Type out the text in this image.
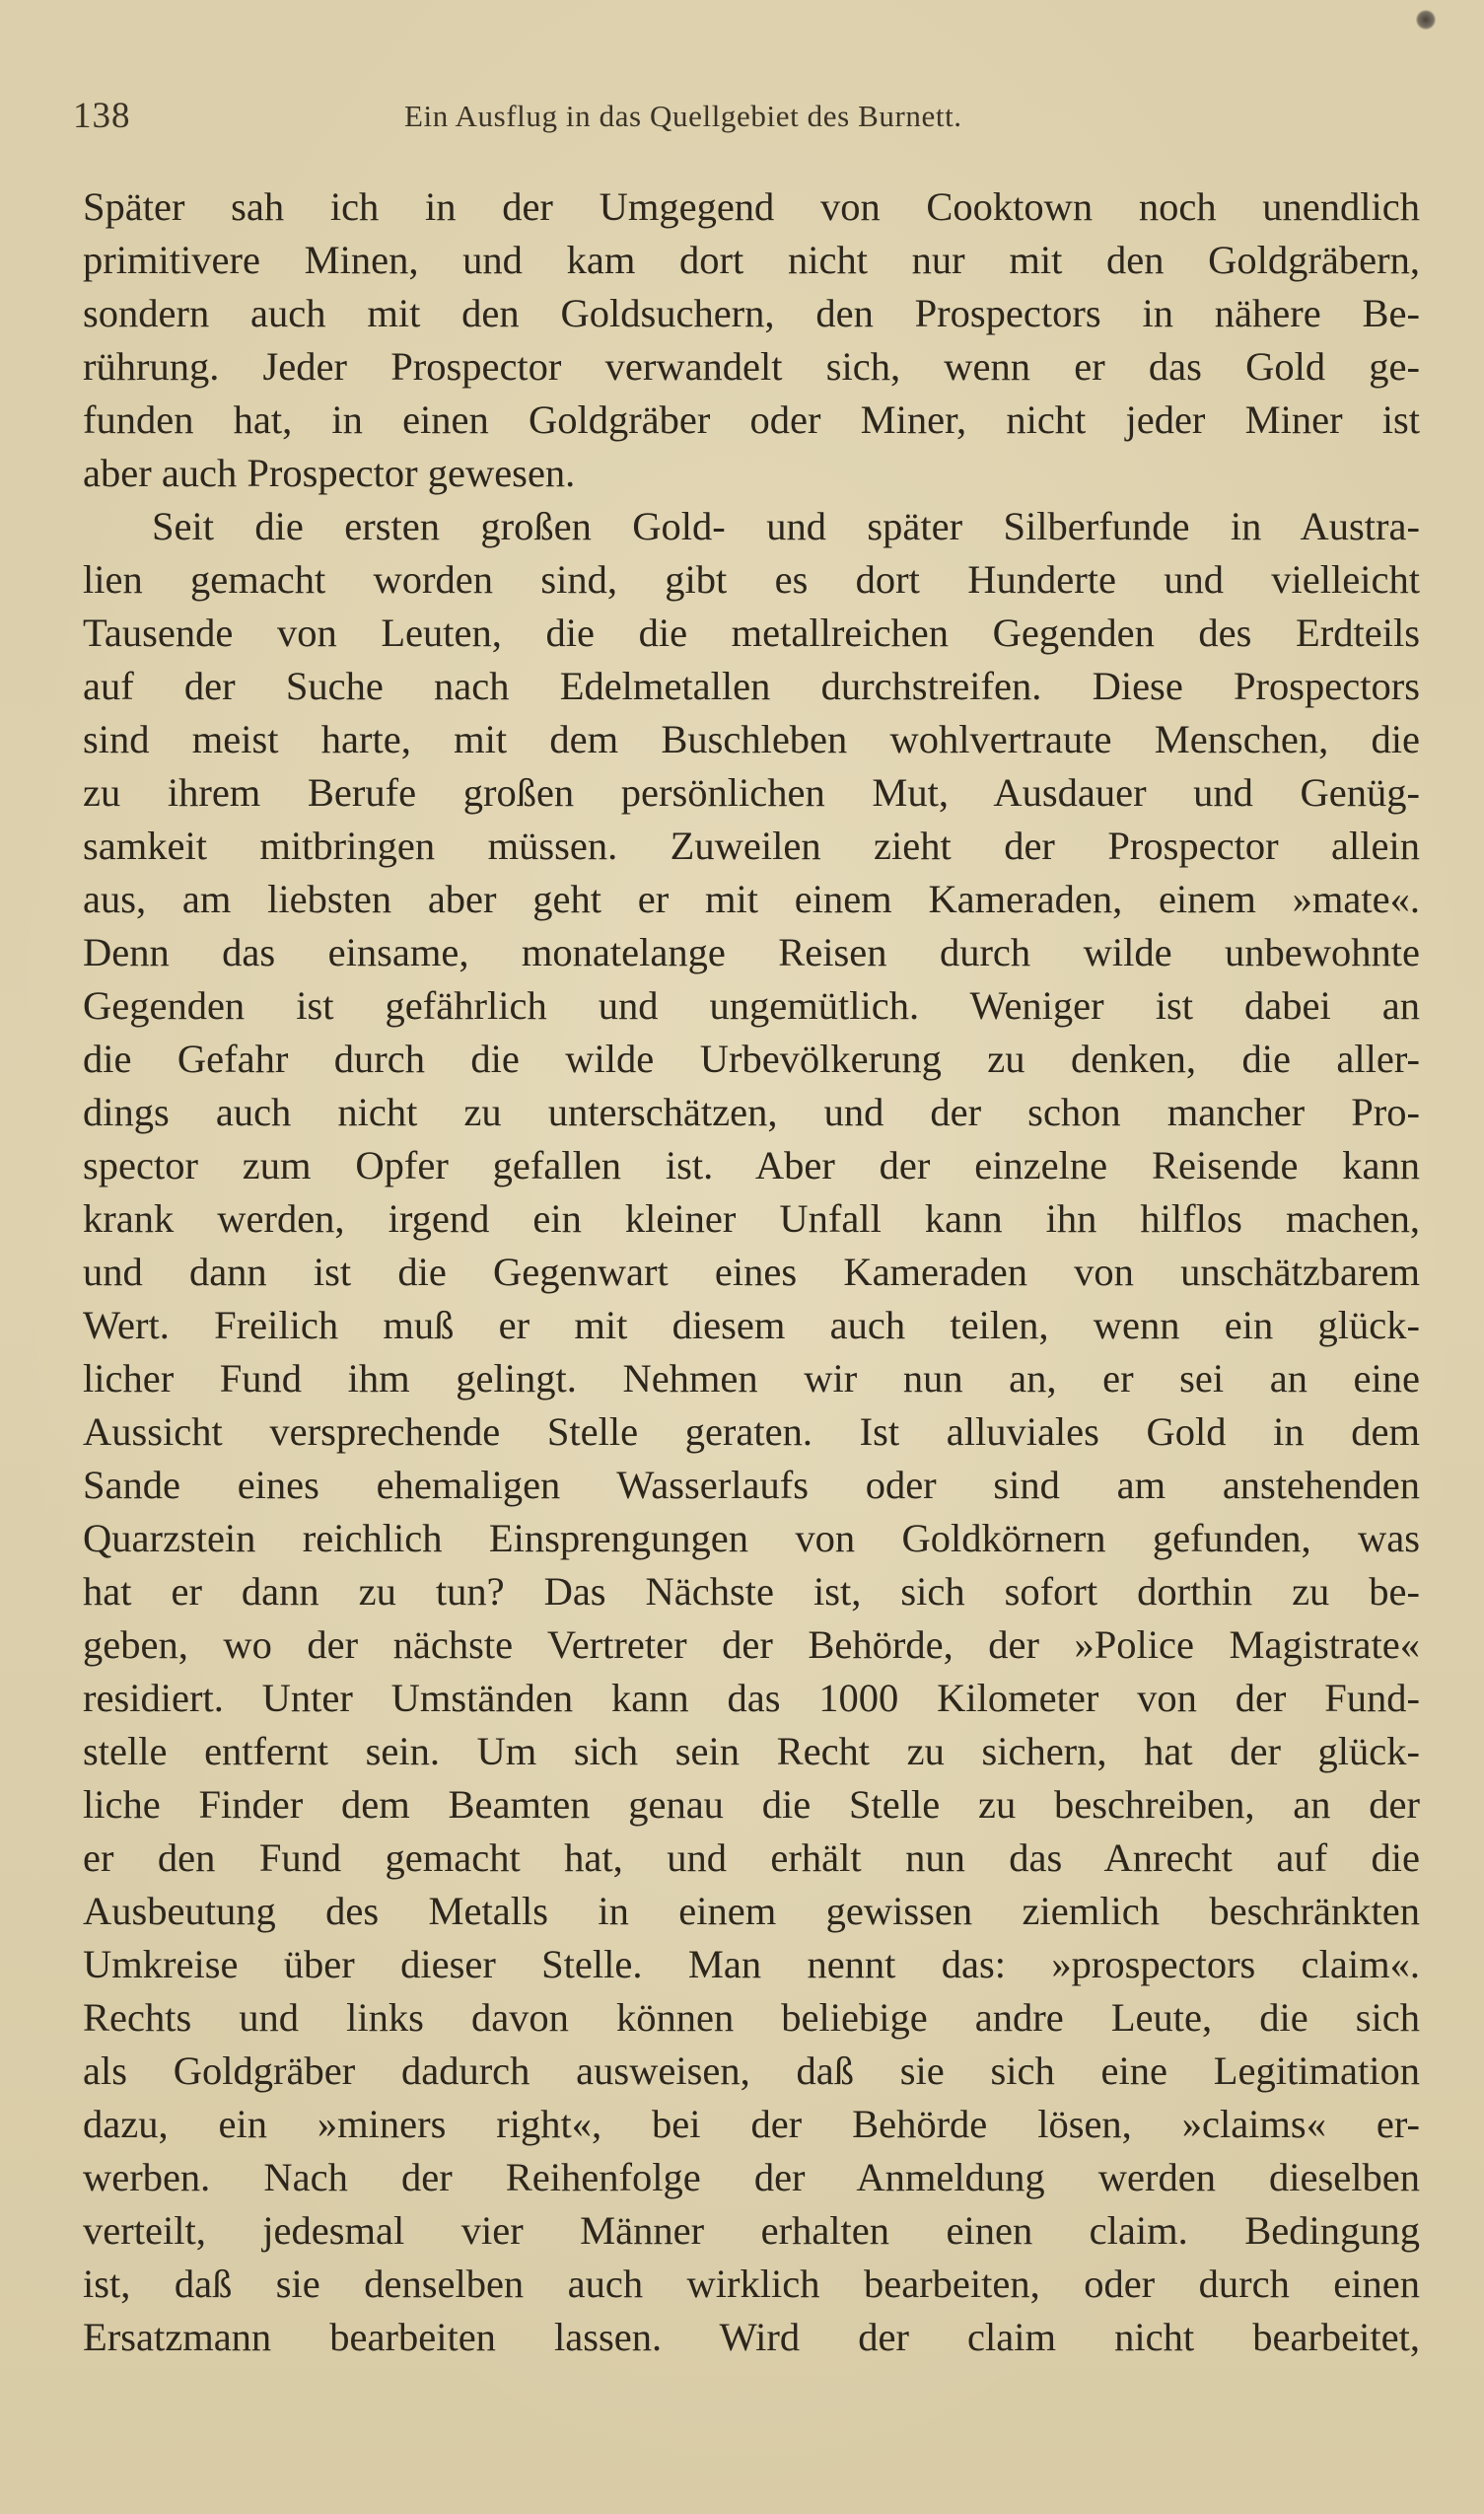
138	Ein Ausflug in das Quellgebiet des Burnett.
Später sah ich in der Umgegend von Cooktown noch unendlich
primitivere Minen, und kam dort nicht nur mit den Goldgräbern,
sondern auch mit den Goldsuchern, den Prospectors in nähere Be-
rührung. Jeder Prospector verwandelt sich, wenn er das Gold ge-
funden hat, in einen Goldgräber oder Miner, nicht jeder Miner ist
aber auch Prospector gewesen.
Seit die ersten großen Gold- und später Silberfunde in Austra-
lien gemacht worden sind, gibt es dort Hunderte und vielleicht
Tausende von Leuten, die die metallreichen Gegenden des Erdteils
auf der Suche nach Edelmetallen durchstreifen. Diese Prospectors
sind meist harte, mit dem Buschleben wohlvertraute Menschen, die
zu ihrem Berufe großen persönlichen Mut, Ausdauer und Genüg-
samkeit mitbringen müssen. Zuweilen zieht der Prospector allein
aus, am liebsten aber geht er mit einem Kameraden, einem »mate«.
Denn das einsame, monatelange Reisen durch wilde unbewohnte
Gegenden ist gefährlich und ungemütlich. Weniger ist dabei an
die Gefahr durch die wilde Urbevölkerung zu denken, die aller-
dings auch nicht zu unterschätzen, und der schon mancher Pro-
spector zum Opfer gefallen ist. Aber der einzelne Reisende kann
krank werden, irgend ein kleiner Unfall kann ihn hilflos machen,
und dann ist die Gegenwart eines Kameraden von unschätzbarem
Wert. Freilich muß er mit diesem auch teilen, wenn ein glück-
licher Fund ihm gelingt. Nehmen wir nun an, er sei an eine
Aussicht versprechende Stelle geraten. Ist alluviales Gold in dem
Sande eines ehemaligen Wasserlaufs oder sind am anstehenden
Quarzstein reichlich Einsprengungen von Goldkörnern gefunden, was
hat er dann zu tun? Das Nächste ist, sich sofort dorthin zu be-
geben, wo der nächste Vertreter der Behörde, der »Police Magistrate«
residiert. Unter Umständen kann das 1000 Kilometer von der Fund-
stelle entfernt sein. Um sich sein Recht zu sichern, hat der glück-
liche Finder dem Beamten genau die Stelle zu beschreiben, an der
er den Fund gemacht hat, und erhält nun das Anrecht auf die
Ausbeutung des Metalls in einem gewissen ziemlich beschränkten
Umkreise über dieser Stelle. Man nennt das: »prospectors claim«.
Rechts und links davon können beliebige andre Leute, die sich
als Goldgräber dadurch ausweisen, daß sie sich eine Legitimation
dazu, ein »miners right«, bei der Behörde lösen, »claims« er-
werben. Nach der Reihenfolge der Anmeldung werden dieselben
verteilt, jedesmal vier Männer erhalten einen claim. Bedingung
ist, daß sie denselben auch wirklich bearbeiten, oder durch einen
Ersatzmann bearbeiten lassen. Wird der claim nicht bearbeitet,
